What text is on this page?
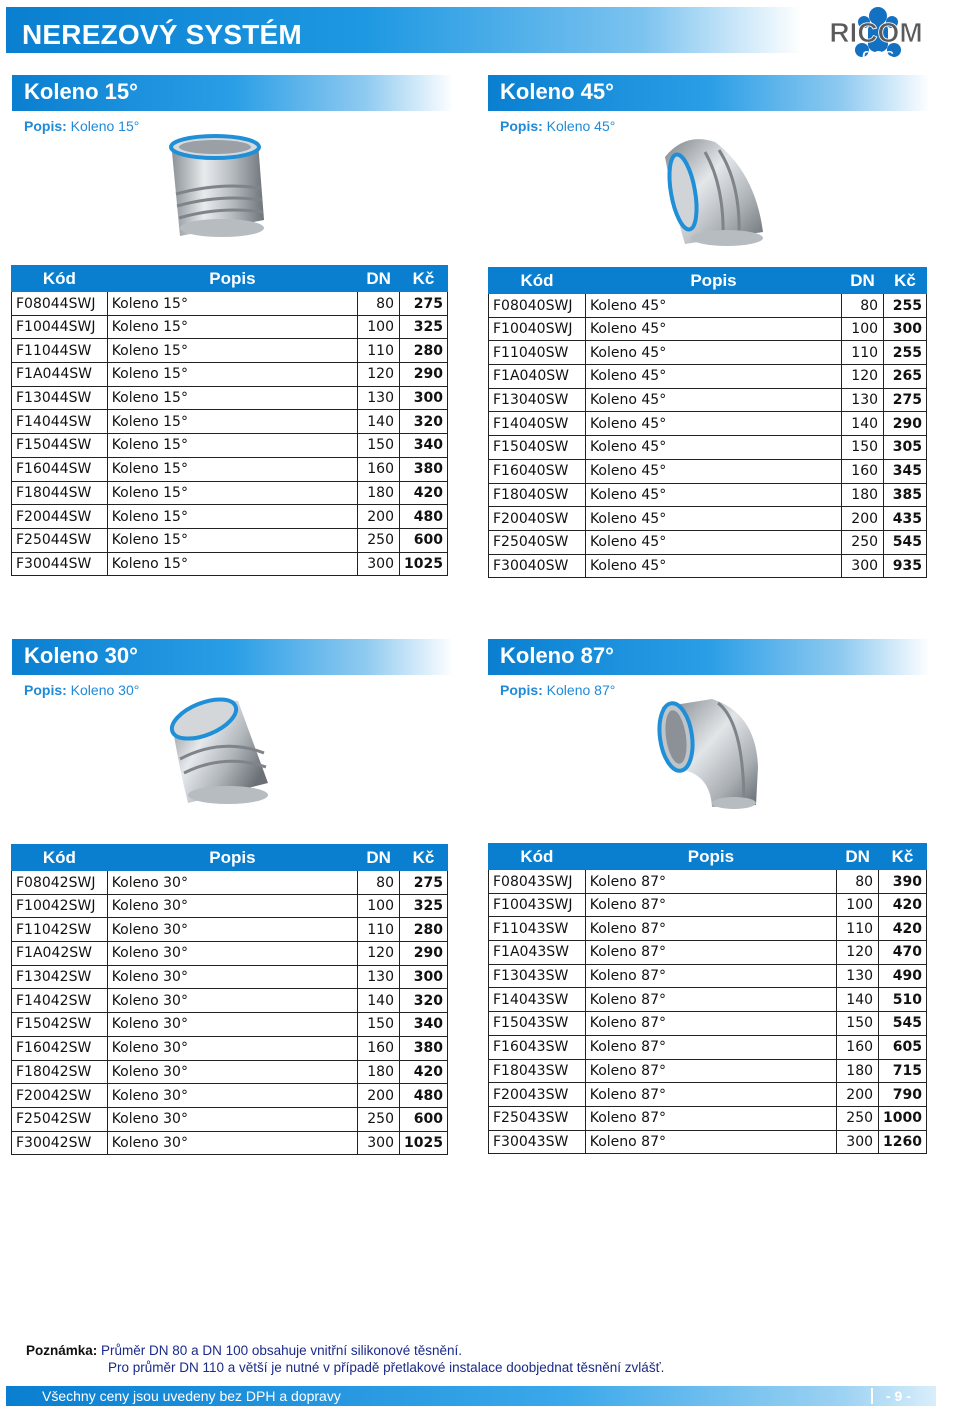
NEREZOVÝ SYSTÉM	RICOM
gas
Koleno 15°
Popis: Koleno 15°
Kód	Popis	DN	Kč
F08044SWJ	Koleno 15°	80	275
F10044SWJ	Koleno 15°	100	325
F11044SW	Koleno 15°	110	280
F1A044SW	Koleno 15°	120	290
F13044SW	Koleno 15°	130	300
F14044SW	Koleno 15°	140	320
F15044SW	Koleno 15°	150	340
F16044SW	Koleno 15°	160	380
F18044SW	Koleno 15°	180	420
F20044SW	Koleno 15°	200	480
F25044SW	Koleno 15°	250	600
F30044SW	Koleno 15°	300	1025
Koleno 45°
Popis: Koleno 45°
Kód	Popis	DN	Kč
F08040SWJ	Koleno 45°	80	255
F10040SWJ	Koleno 45°	100	300
F11040SW	Koleno 45°	110	255
F1A040SW	Koleno 45°	120	265
F13040SW	Koleno 45°	130	275
F14040SW	Koleno 45°	140	290
F15040SW	Koleno 45°	150	305
F16040SW	Koleno 45°	160	345
F18040SW	Koleno 45°	180	385
F20040SW	Koleno 45°	200	435
F25040SW	Koleno 45°	250	545
F30040SW	Koleno 45°	300	935
Koleno 30°
Popis: Koleno 30°
Kód	Popis	DN	Kč
F08042SWJ	Koleno 30°	80	275
F10042SWJ	Koleno 30°	100	325
F11042SW	Koleno 30°	110	280
F1A042SW	Koleno 30°	120	290
F13042SW	Koleno 30°	130	300
F14042SW	Koleno 30°	140	320
F15042SW	Koleno 30°	150	340
F16042SW	Koleno 30°	160	380
F18042SW	Koleno 30°	180	420
F20042SW	Koleno 30°	200	480
F25042SW	Koleno 30°	250	600
F30042SW	Koleno 30°	300	1025
Koleno 87°
Popis: Koleno 87°
Kód	Popis	DN	Kč
F08043SWJ	Koleno 87°	80	390
F10043SWJ	Koleno 87°	100	420
F11043SW	Koleno 87°	110	420
F1A043SW	Koleno 87°	120	470
F13043SW	Koleno 87°	130	490
F14043SW	Koleno 87°	140	510
F15043SW	Koleno 87°	150	545
F16043SW	Koleno 87°	160	605
F18043SW	Koleno 87°	180	715
F20043SW	Koleno 87°	200	790
F25043SW	Koleno 87°	250	1000
F30043SW	Koleno 87°	300	1260
Poznámka: Průměr DN 80 a DN 100 obsahuje vnitřní silikonové těsnění.
Pro průměr DN 110 a větší je nutné v případě přetlakové instalace doobjednat těsnění zvlášť.
Všechny ceny jsou uvedeny bez DPH a dopravy	- 9 -
